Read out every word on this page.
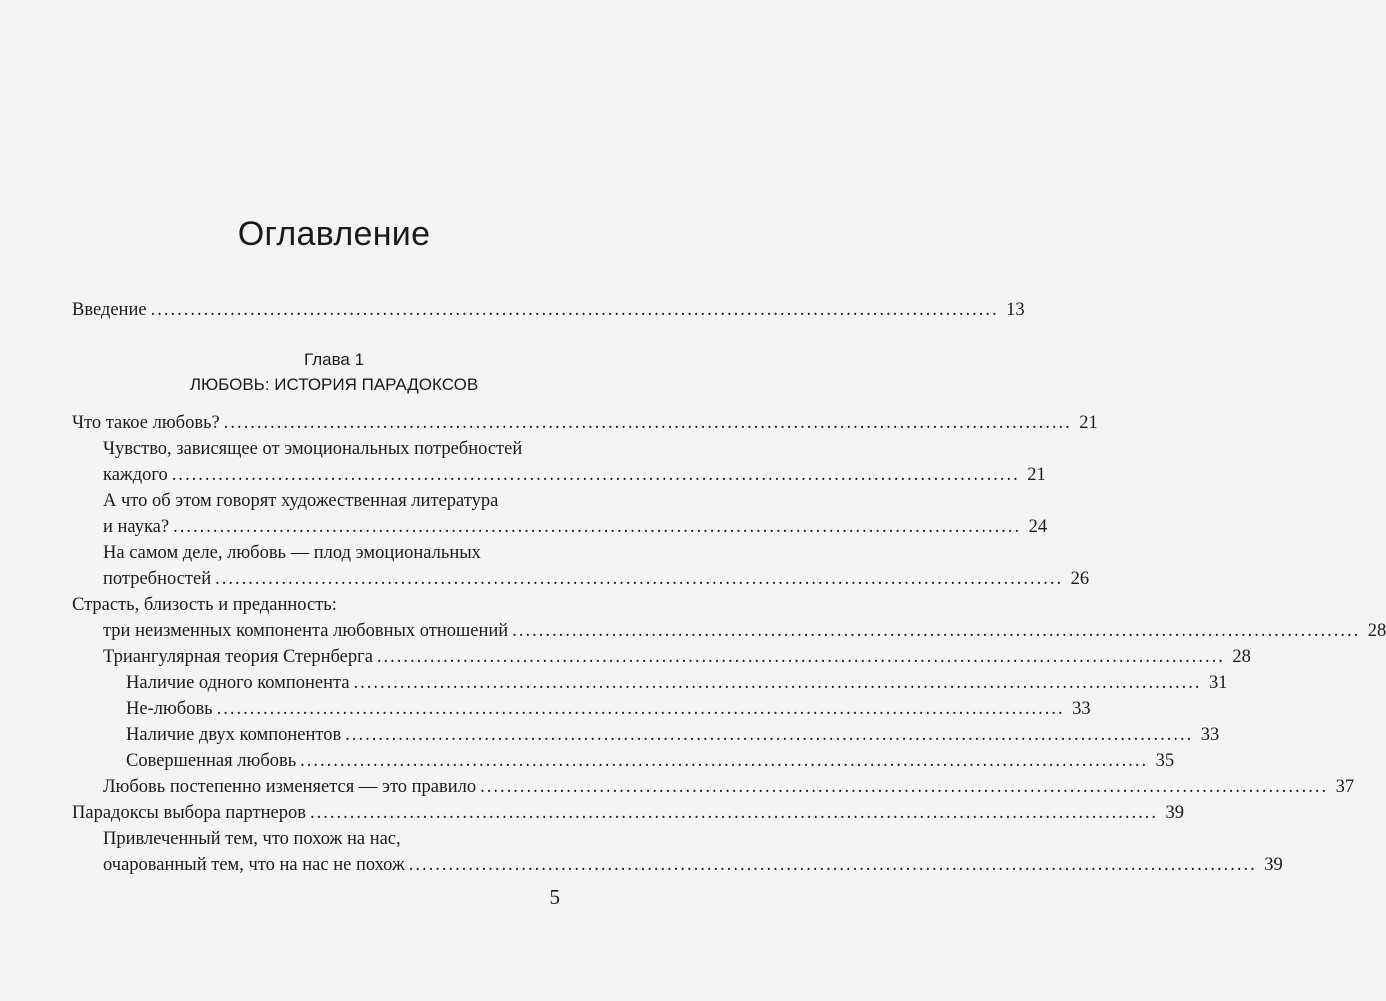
Оглавление
Введение ................................................................................................................................ 13
Глава 1
ЛЮБОВЬ: ИСТОРИЯ ПАРАДОКСОВ
Что такое любовь? ................................................................................................................................ 21
Чувство, зависящее от эмоциональных потребностей
каждого ................................................................................................................................ 21
А что об этом говорят художественная литература
и наука? ................................................................................................................................ 24
На самом деле, любовь — плод эмоциональных
потребностей ................................................................................................................................ 26
Страсть, близость и преданность:
три неизменных компонента любовных отношений ................................................................................................................................ 28
Триангулярная теория Стернберга ................................................................................................................................ 28
Наличие одного компонента ................................................................................................................................ 31
Не-любовь ................................................................................................................................ 33
Наличие двух компонентов ................................................................................................................................ 33
Совершенная любовь ................................................................................................................................ 35
Любовь постепенно изменяется — это правило ................................................................................................................................ 37
Парадоксы выбора партнеров ................................................................................................................................ 39
Привлеченный тем, что похож на нас,
очарованный тем, что на нас не похож ................................................................................................................................ 39
5
